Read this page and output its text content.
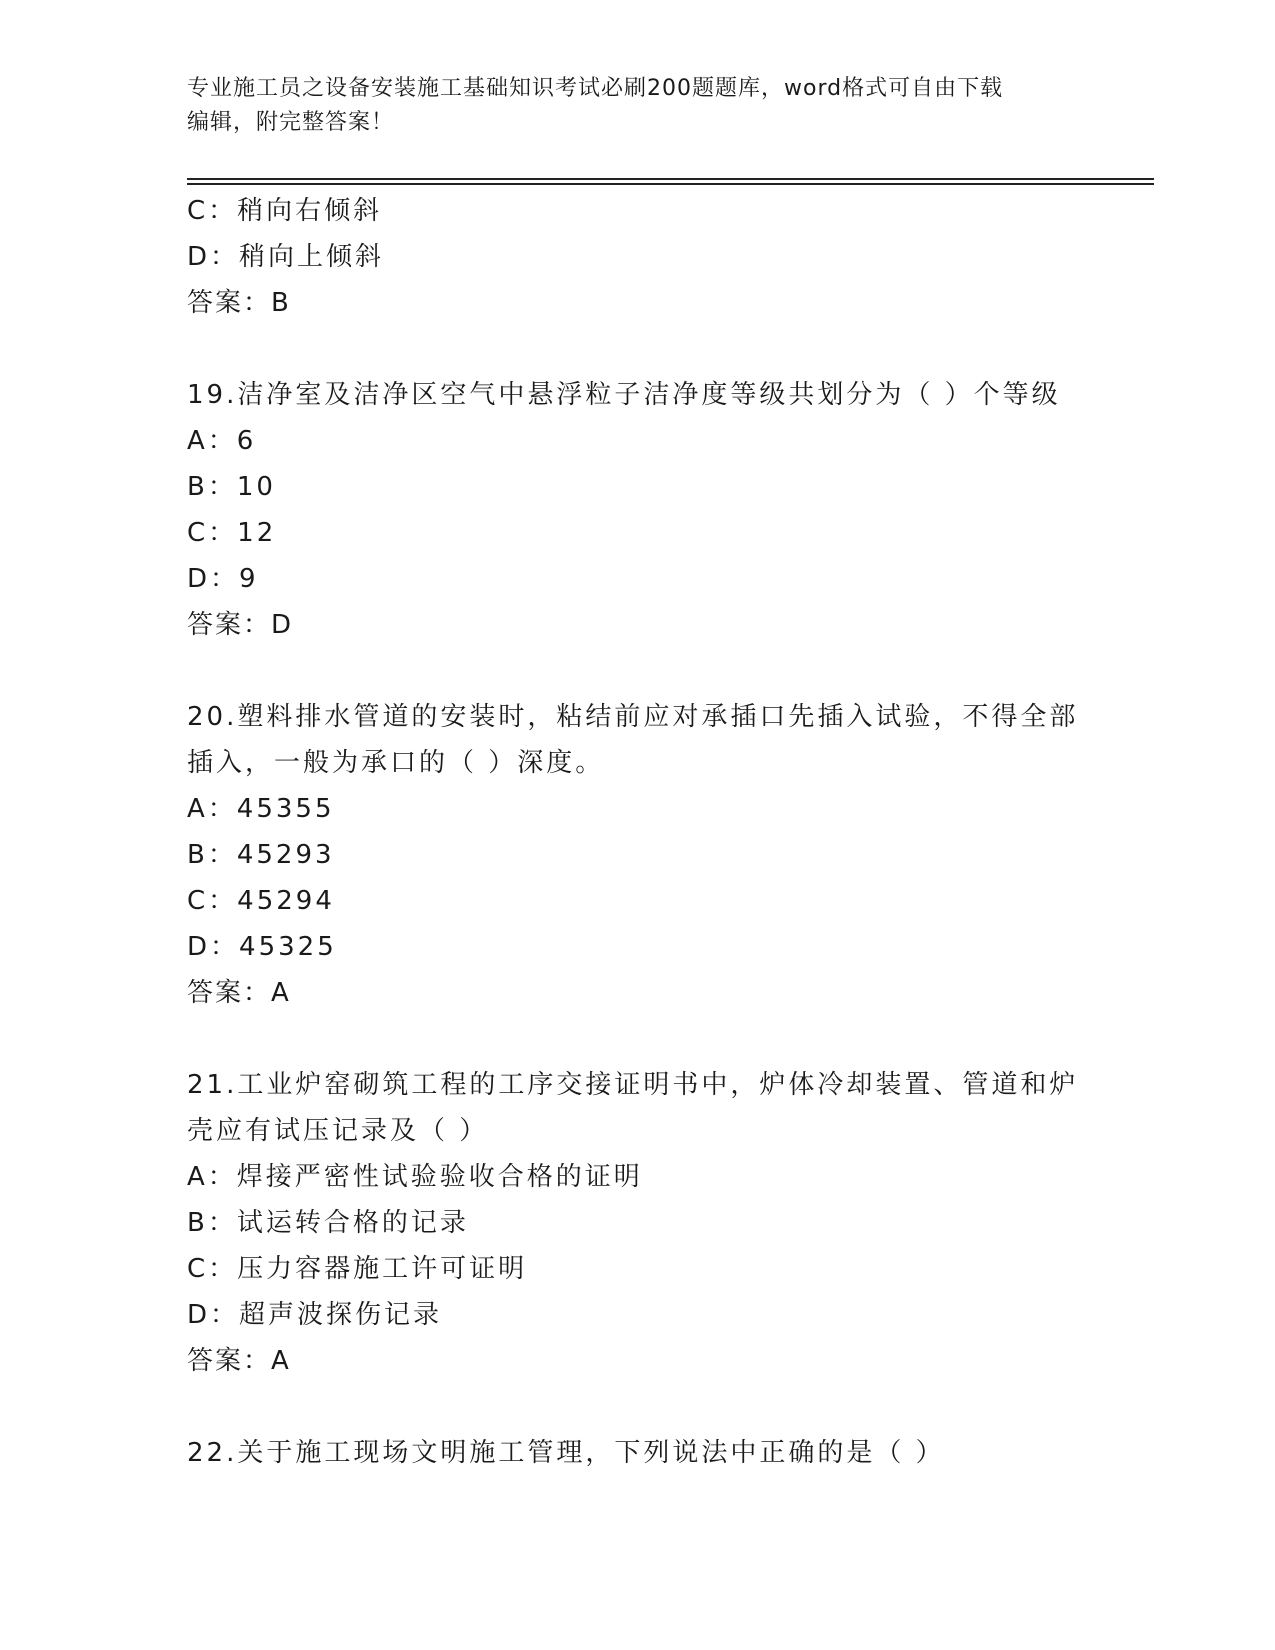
专业施工员之设备安装施工基础知识考试必刷200题题库，word格式可自由下载
编辑，附完整答案！
C：稍向右倾斜
D：稍向上倾斜
答案：B
19.洁净室及洁净区空气中悬浮粒子洁净度等级共划分为（ ）个等级
A：6
B：10
C：12
D：9
答案：D
20.塑料排水管道的安装时，粘结前应对承插口先插入试验，不得全部
插入，一般为承口的（ ）深度。
A：45355
B：45293
C：45294
D：45325
答案：A
21.工业炉窑砌筑工程的工序交接证明书中，炉体冷却装置、管道和炉
壳应有试压记录及（ ）
A：焊接严密性试验验收合格的证明
B：试运转合格的记录
C：压力容器施工许可证明
D：超声波探伤记录
答案：A
22.关于施工现场文明施工管理，下列说法中正确的是（ ）
